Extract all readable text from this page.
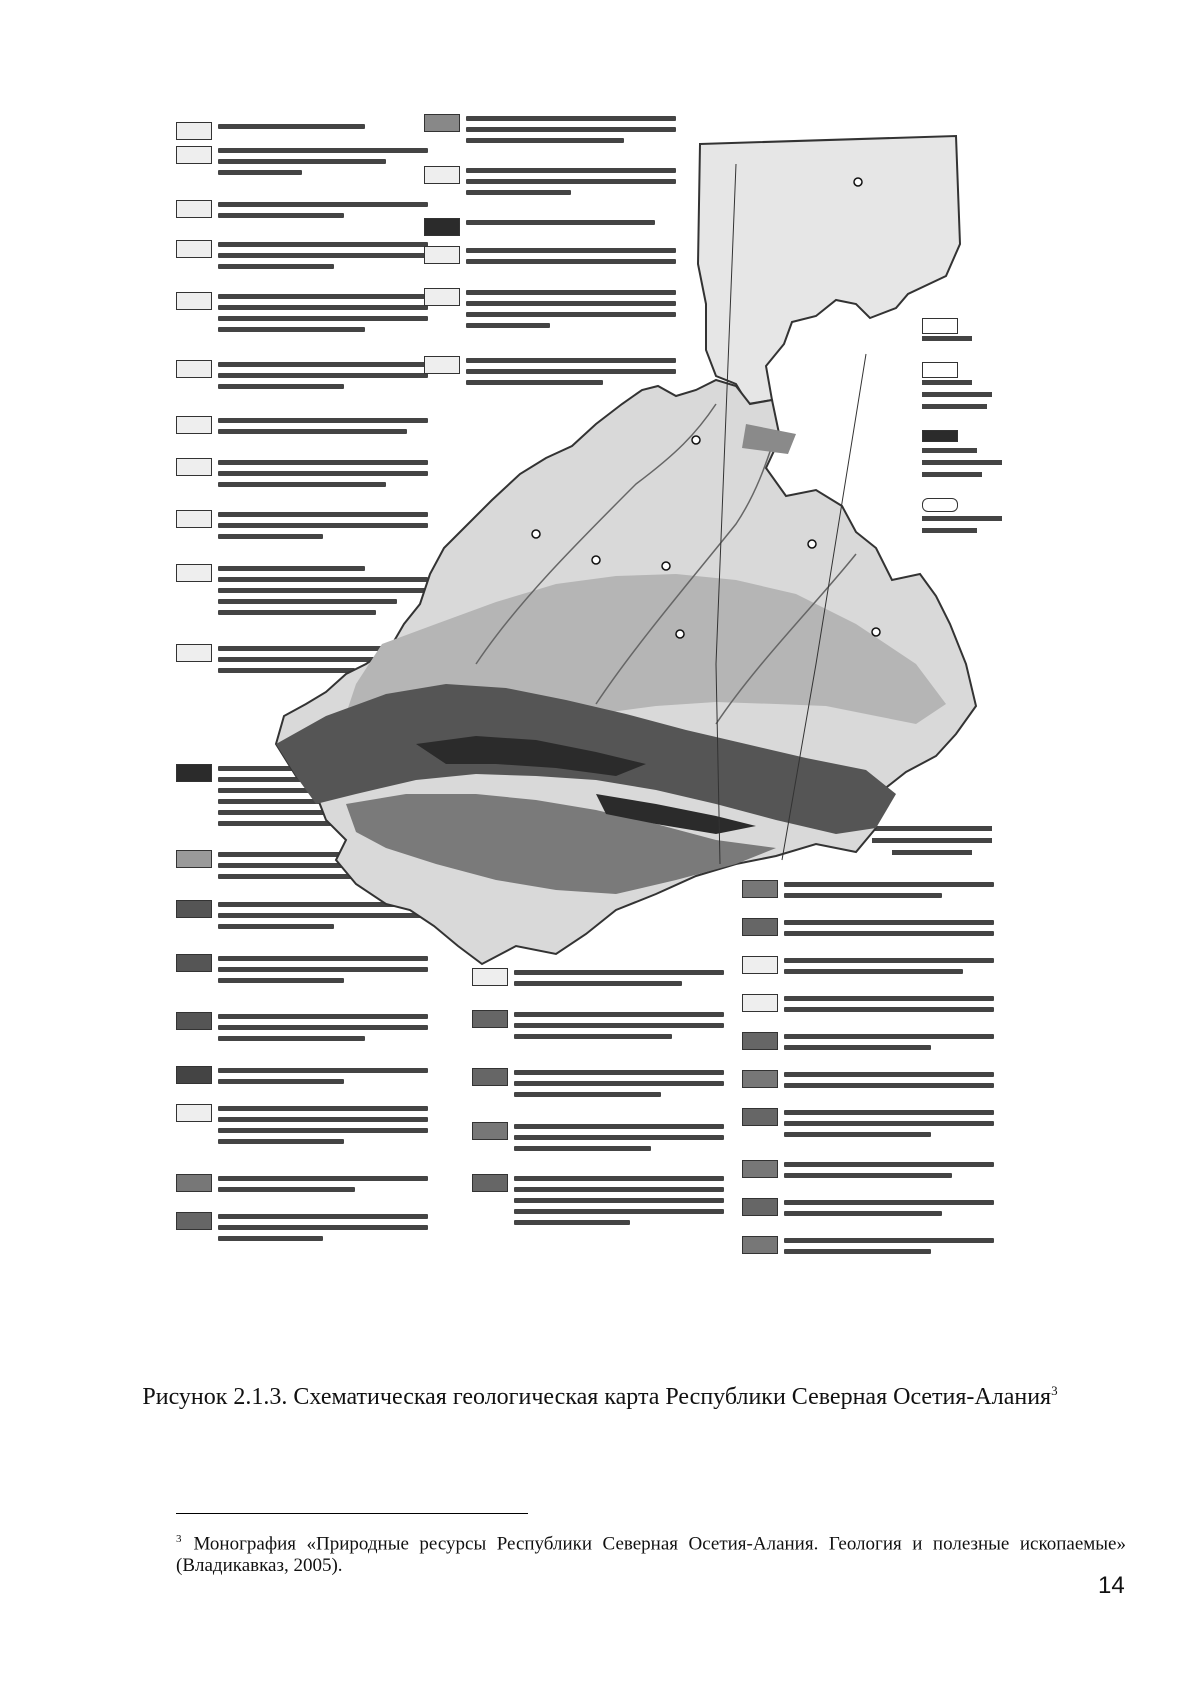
Рисунок 2.1.3. Схематическая геологическая карта Республики Северная Осетия-Алания$^3$
$^3$ Монография «Природные ресурсы Республики Северная Осетия-Алания. Геология и полезные ископаемые» (Владикавказ, 2005).
14
